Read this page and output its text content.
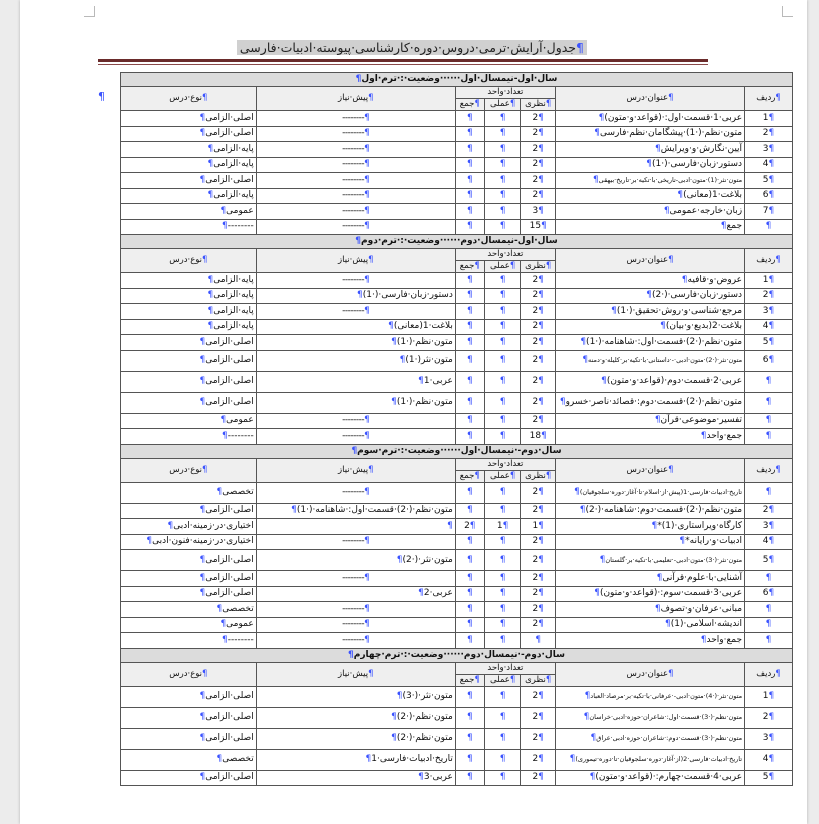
¶جدول·آرایش·ترمی·دروس·دوره·کارشناسی·پیوسته·ادبیات·فارسی
¶
سال·اول-نیمسال·اول······وضعیت·:·ترم·اول¶						
نوع·درس¶	پیش·نیاز¶	تعداد·واحد			عنوان·درس¶	ردیف¶
		جمع¶	عملی¶	نظری¶		
اصلی·الزامی¶	--------¶	¶	¶	2¶	عربی·1·قسمت·اول:·(قواعد·و·متون)¶	1¶
اصلی·الزامی¶	--------¶	¶	¶	2¶	متون·نظم·(·1)·پیشگامان·نظم·فارسی¶	2¶
پایه·الزامی¶	--------¶	¶	¶	2¶	آیین·نگارش·و·ویرایش¶	3¶
پایه·الزامی¶	--------¶	¶	¶	2¶	دستور·زبان·فارسی·(·1)¶	4¶
اصلی·الزامی¶	--------¶	¶	¶	2¶	متون·نثر·(1)·متون·ادبی-تاریخی·با·تکیه·بر·تاریخ·بیهقی¶	5¶
پایه·الزامی¶	--------¶	¶	¶	2¶	بلاغت·1(معانی)¶	6¶
عمومی¶	--------¶	¶	¶	3¶	زبان·خارجه·عمومی¶	7¶
--------¶	--------¶	¶	¶	15¶	جمع¶	¶
سال·اول-نیمسال·دوم······وضعیت·:·ترم·دوم¶						
نوع·درس¶	پیش·نیاز¶	تعداد·واحد			عنوان·درس¶	ردیف¶
		جمع¶	عملی¶	نظری¶		
پایه·الزامی¶	--------¶	¶	¶	2¶	عروض·و·قافیه¶	1¶
پایه·الزامی¶	دستور·زبان·فارسی·(·1)¶	¶	¶	2¶	دستور·زبان·فارسی·(·2)¶	2¶
پایه·الزامی¶	--------¶	¶	¶	2¶	مرجع·شناسی·و·روش·تحقیق·(·1)¶	3¶
پایه·الزامی¶	بلاغت·1(معانی)¶	¶	¶	2¶	بلاغت·2(بدیع·و·بیان)¶	4¶
اصلی·الزامی¶	متون·نظم·(·1)¶	¶	¶	2¶	متون·نظم·(·2)·قسمت·اول:·شاهنامه·(·1)¶	5¶
اصلی·الزامی¶	متون·نثر(·1)¶	¶	¶	2¶	متون·نثر·(·2)·متون·ادبی·-·داستانی·با·تکیه·بر·کلیله·و·دمنه¶	6¶
اصلی·الزامی¶	عربی·1¶	¶	¶	2¶	عربی·2·قسمت·دوم·(قواعد·و·متون)¶	¶
اصلی·الزامی¶	متون·نظم·(·1)¶	¶	¶	2¶	متون·نظم·(·2)·قسمت·دوم:·قصائد·ناصر·خسرو¶	¶
عمومی¶	--------¶	¶	¶	2¶	تفسیر·موضوعی·قرآن¶	¶
--------¶	--------¶	¶	¶	18¶	جمع·واحد¶	¶
سال·دوم-·نیمسال·اول······وضعیت·:·ترم·سوم¶						
نوع·درس¶	پیش·نیاز¶	تعداد·واحد			عنوان·درس¶	ردیف¶
		جمع¶	عملی¶	نظری¶		
تخصصی¶	--------¶	¶	¶	2¶	تاریخ·ادبیات·فارسی·1(پیش·از·اسلام·تا·آغاز·دوره·سلجوقیان)¶	¶
اصلی·الزامی¶	متون·نظم·(·2)·قسمت·اول:·شاهنامه·(·1)¶	¶	¶	2¶	متون·نظم·(·2)·قسمت·دوم:·شاهنامه·(·2)¶	2¶
اختیاری·در·زمینه·ادبی¶	¶	2¶	1¶	1¶	کارگاه·ویراستاری·(1)*¶	3¶
اختیاری·در·زمینه·فنون·ادبی¶	--------¶	¶	¶	2¶	ادبیات·و·رایانه*¶	4¶
اصلی·الزامی¶	متون·نثر·(·2)¶	¶	¶	2¶	متون·نثر·(·3)·متون·ادبی-·تعلیمی·با·تکیه·بر·گلستان¶	5¶
اصلی·الزامی¶	--------¶	¶	¶	2¶	آشنایی·با·علوم·قرآنی¶	¶
اصلی·الزامی¶	عربی·2¶	¶	¶	2¶	عربی·3·قسمت·سوم:·(قواعد·و·متون)¶	6¶
تخصصی¶	--------¶	¶	¶	2¶	مبانی·عرفان·و·تصوف¶	¶
عمومی¶	--------¶	¶	¶	2¶	اندیشه·اسلامی·(1)¶	¶
--------¶	--------¶	¶	¶	¶	جمع·واحد¶	¶
سال·دوم-·نیمسال·دوم······وضعیت·:·ترم·چهارم¶						
نوع·درس¶	پیش·نیاز¶	تعداد·واحد			عنوان·درس¶	ردیف¶
		جمع¶	عملی¶	نظری¶		
اصلی·الزامی¶	متون·نثر·(·3)¶	¶	¶	2¶	متون·نثر·(·4)·متون·ادبی-·عرفانی·با·تکیه·بر·مرصاد·العباد¶	1¶
اصلی·الزامی¶	متون·نظم·(·2)¶	¶	¶	2¶	متون·نظم·(·3)·قسمت·اول:·شاعران·حوزه·ادبی·خراسان¶	2¶
اصلی·الزامی¶	متون·نظم·(·2)¶	¶	¶	2¶	متون·نظم·(·3)·قسمت·دوم:·شاعران·حوزه·ادبی·عراق¶	3¶
تخصصی¶	تاریخ·ادبیات·فارسی·1¶	¶	¶	2¶	تاریخ·ادبیات·فارسی·2(از·آغاز·دوره·سلجوقیان·تا·دوره·تیموری)¶	4¶
اصلی·الزامی¶	عربی·3¶	¶	¶	2¶	عربی·4·قسمت·چهارم:·(قواعد·و·متون)¶	5¶
